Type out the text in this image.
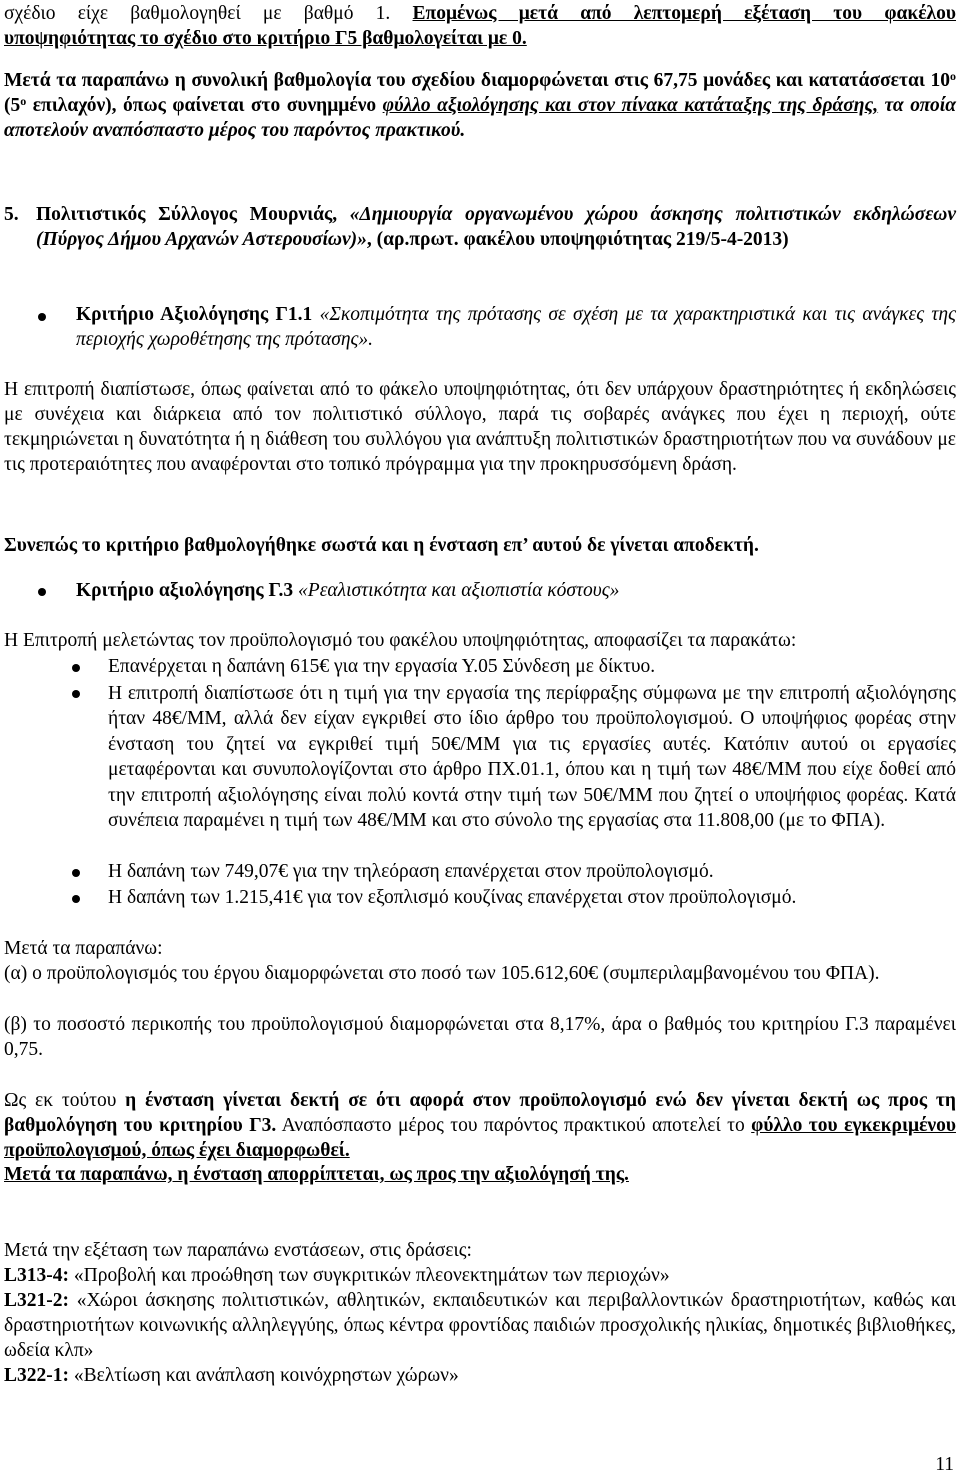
σχέδιο είχε βαθμολογηθεί με βαθμό 1. Επομένως μετά από λεπτομερή εξέταση του φακέλου

υποψηφιότητας το σχέδιο στο κριτήριο Γ5 βαθμολογείται με 0.

Μετά τα παραπάνω η συνολική βαθμολογία του σχεδίου διαμορφώνεται στις 67,75 μονάδες και κατατάσσεται $10^o$ ($5^o$ επιλαχόν), όπως φαίνεται στο συνημμένο φύλλο αξιολόγησης και στον πίνακα κατάταξης της δράσης, τα οποία αποτελούν αναπόσπαστο μέρος του παρόντος πρακτικού.

5. Πολιτιστικός Σύλλογος Μουρνιάς, «Δημιουργία οργανωμένου χώρου άσκησης πολιτιστικών εκδηλώσεων (Πύργος Δήμου Αρχανών Αστερουσίων)», (αρ.πρωτ. φακέλου υποψηφιότητας 219/5-4-2013)

Κριτήριο Αξιολόγησης Γ1.1 «Σκοπιμότητα της πρότασης σε σχέση με τα χαρακτηριστικά και τις ανάγκες της περιοχής χωροθέτησης της πρότασης».

Η επιτροπή διαπίστωσε, όπως φαίνεται από το φάκελο υποψηφιότητας, ότι δεν υπάρχουν δραστηριότητες ή εκδηλώσεις με συνέχεια και διάρκεια από τον πολιτιστικό σύλλογο, παρά τις σοβαρές ανάγκες που έχει η περιοχή, ούτε τεκμηριώνεται η δυνατότητα ή η διάθεση του συλλόγου για ανάπτυξη πολιτιστικών δραστηριοτήτων που να συνάδουν με τις προτεραιότητες που αναφέρονται στο τοπικό πρόγραμμα για την προκηρυσσόμενη δράση.

Συνεπώς το κριτήριο βαθμολογήθηκε σωστά και η ένσταση επ’ αυτού δε γίνεται αποδεκτή.

Κριτήριο αξιολόγησης Γ.3 «Ρεαλιστικότητα και αξιοπιστία κόστους»

Η Επιτροπή μελετώντας τον προϋπολογισμό του φακέλου υποψηφιότητας, αποφασίζει τα παρακάτω:

Επανέρχεται η δαπάνη 615€ για την εργασία Υ.05 Σύνδεση με δίκτυο.

Η επιτροπή διαπίστωσε ότι η τιμή για την εργασία της περίφραξης σύμφωνα με την επιτροπή αξιολόγησης ήταν 48€/ΜΜ, αλλά δεν είχαν εγκριθεί στο ίδιο άρθρο του προϋπολογισμού. Ο υποψήφιος φορέας στην ένσταση του ζητεί να εγκριθεί τιμή 50€/ΜΜ για τις εργασίες αυτές. Κατόπιν αυτού οι εργασίες μεταφέρονται και συνυπολογίζονται στο άρθρο ΠΧ.01.1, όπου και η τιμή των 48€/ΜΜ που είχε δοθεί από την επιτροπή αξιολόγησης είναι πολύ κοντά στην τιμή των 50€/ΜΜ που ζητεί ο υποψήφιος φορέας. Κατά συνέπεια παραμένει η τιμή των 48€/ΜΜ και στο σύνολο της εργασίας στα 11.808,00 (με το ΦΠΑ).

Η δαπάνη των 749,07€ για την τηλεόραση επανέρχεται στον προϋπολογισμό.

Η δαπάνη των 1.215,41€ για τον εξοπλισμό κουζίνας επανέρχεται στον προϋπολογισμό.

Μετά τα παραπάνω:

(α) ο προϋπολογισμός του έργου διαμορφώνεται στο ποσό των 105.612,60€ (συμπεριλαμβανομένου του ΦΠΑ).

(β) το ποσοστό περικοπής του προϋπολογισμού διαμορφώνεται στα 8,17%, άρα ο βαθμός του κριτηρίου Γ.3 παραμένει 0,75.

Ως εκ τούτου η ένσταση γίνεται δεκτή σε ότι αφορά στον προϋπολογισμό ενώ δεν γίνεται δεκτή ως προς τη βαθμολόγηση του κριτηρίου Γ3. Αναπόσπαστο μέρος του παρόντος πρακτικού αποτελεί το φύλλο του εγκεκριμένου προϋπολογισμού, όπως έχει διαμορφωθεί.

Μετά τα παραπάνω, η ένσταση απορρίπτεται, ως προς την αξιολόγησή της.

Μετά την εξέταση των παραπάνω ενστάσεων, στις δράσεις:

L313-4: «Προβολή και προώθηση των συγκριτικών πλεονεκτημάτων των περιοχών»

L321-2: «Χώροι άσκησης πολιτιστικών, αθλητικών, εκπαιδευτικών και περιβαλλοντικών δραστηριοτήτων, καθώς και δραστηριοτήτων κοινωνικής αλληλεγγύης, όπως κέντρα φροντίδας παιδιών προσχολικής ηλικίας, δημοτικές βιβλιοθήκες, ωδεία κλπ»

L322-1: «Βελτίωση και ανάπλαση κοινόχρηστων χώρων»

11
